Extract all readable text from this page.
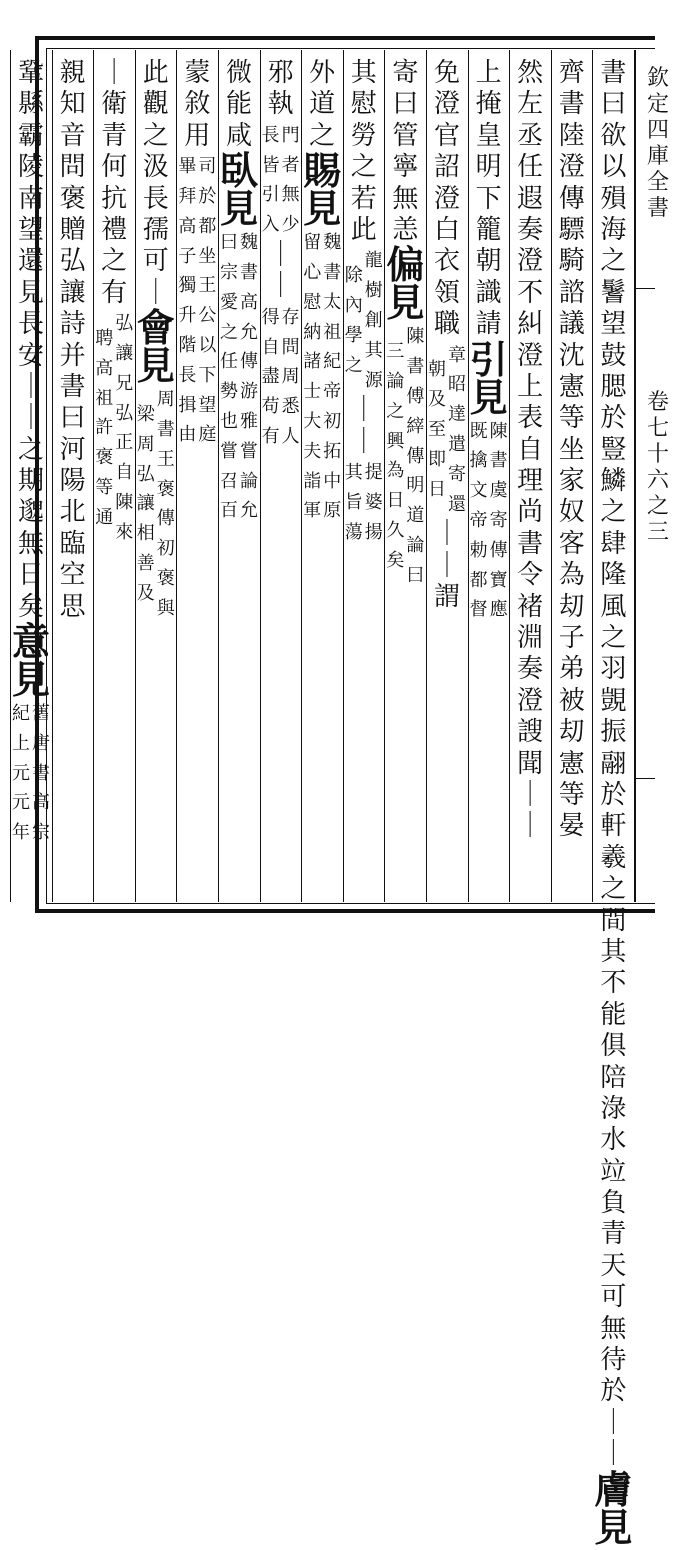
欽
定
四
庫
全
書
卷
七
十
六
之
三
書
曰
欲
以
殞
海
之
鬐
望
鼓
腮
於
豎
鱗
之
肆
隆
風
之
羽
覬
振
翮
於
軒
羲
之
間
其
不
能
俱
陪
淥
水
竝
負
青
天
可
無
待
於
｜
｜
膚
見
齊
書
陸
澄
傳
驃
騎
諮
議
沈
憲
等
坐
家
奴
客
為
刧
子
弟
被
刧
憲
等
晏
然
左
丞
任
遐
奏
澄
不
糾
澄
上
表
自
理
尚
書
令
褚
淵
奏
澄
謏
聞
｜
｜
上
掩
皇
明
下
籠
朝
識
請
引
見
陳
書
虞
寄
傳
寶
應
既
擒
文
帝
勅
都
督
免
澄
官
詔
澄
白
衣
領
職
章
昭
達
遣
寄
還
朝
及
至
即
日
｜
｜
謂
寄
曰
管
寧
無
恙
偏
見
陳
書
傅
縡
傳
明
道
論
曰
三
論
之
興
為
日
久
矣
其
慰
勞
之
若
此
龍
樹
創
其
源
除
內
學
之
｜
｜
提
婆
揚
其
旨
蕩
外
道
之
賜
見
魏
書
太
祖
紀
帝
初
拓
中
原
留
心
慰
納
諸
士
大
夫
詣
軍
邪
執
門
者
無
少
長
皆
引
入
｜
｜
存
問
周
悉
人
得
自
盡
苟
有
微
能
咸
臥
見
魏
書
高
允
傳
游
雅
嘗
論
允
曰
宗
愛
之
任
勢
也
嘗
召
百
蒙
敘
用
司
於
都
坐
王
公
以
下
望
庭
畢
拜
高
子
獨
升
階
長
揖
由
此
觀
之
汲
長
孺
可
｜
會
見
周
書
王
褒
傳
初
褒
與
梁
周
弘
讓
相
善
及
｜
衛
青
何
抗
禮
之
有
弘
讓
兄
弘
正
自
陳
來
聘
高
祖
許
褒
等
通
親
知
音
問
褒
贈
弘
讓
詩
并
書
曰
河
陽
北
臨
空
思
鞏
縣
霸
陵
南
望
還
見
長
安
｜
｜
之
期
邈
無
日
矣
意
見
舊
唐
書
高
宗
紀
上
元
元
年
